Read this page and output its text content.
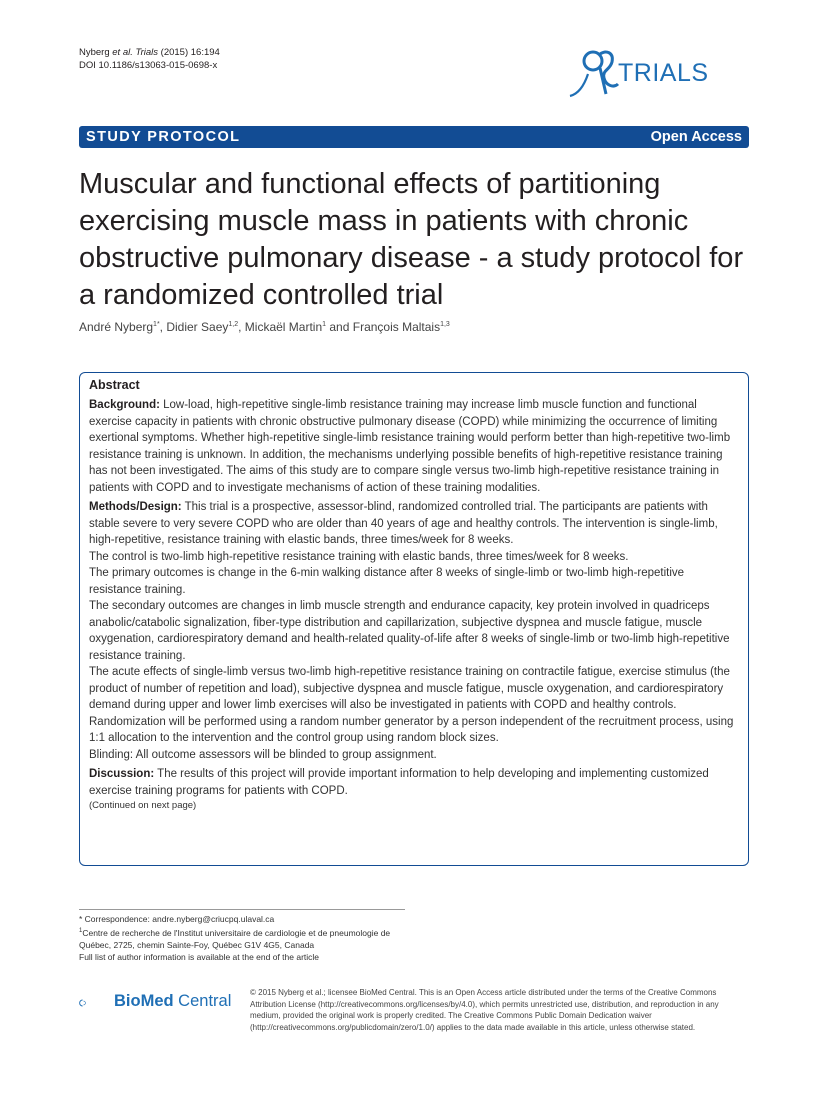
Nyberg et al. Trials (2015) 16:194
DOI 10.1186/s13063-015-0698-x	TRIALS
STUDY PROTOCOL	Open Access
Muscular and functional effects of partitioning exercising muscle mass in patients with chronic obstructive pulmonary disease - a study protocol for a randomized controlled trial
André Nyberg$^{1*}$, Didier Saey$^{1,2}$, Mickaël Martin$^1$ and François Maltais$^{1,3}$
Abstract

Background: Low-load, high-repetitive single-limb resistance training may increase limb muscle function and functional exercise capacity in patients with chronic obstructive pulmonary disease (COPD) while minimizing the occurrence of limiting exertional symptoms. Whether high-repetitive single-limb resistance training would perform better than high-repetitive two-limb resistance training is unknown. In addition, the mechanisms underlying possible benefits of high-repetitive resistance training has not been investigated. The aims of this study are to compare single versus two-limb high-repetitive resistance training in patients with COPD and to investigate mechanisms of action of these training modalities.

Methods/Design: This trial is a prospective, assessor-blind, randomized controlled trial. The participants are patients with stable severe to very severe COPD who are older than 40 years of age and healthy controls. The intervention is single-limb, high-repetitive, resistance training with elastic bands, three times/week for 8 weeks.

The control is two-limb high-repetitive resistance training with elastic bands, three times/week for 8 weeks.

The primary outcomes is change in the 6-min walking distance after 8 weeks of single-limb or two-limb high-repetitive resistance training.

The secondary outcomes are changes in limb muscle strength and endurance capacity, key protein involved in quadriceps anabolic/catabolic signalization, fiber-type distribution and capillarization, subjective dyspnea and muscle fatigue, muscle oxygenation, cardiorespiratory demand and health-related quality-of-life after 8 weeks of single-limb or two-limb high-repetitive resistance training.

The acute effects of single-limb versus two-limb high-repetitive resistance training on contractile fatigue, exercise stimulus (the product of number of repetition and load), subjective dyspnea and muscle fatigue, muscle oxygenation, and cardiorespiratory demand during upper and lower limb exercises will also be investigated in patients with COPD and healthy controls.

Randomization will be performed using a random number generator by a person independent of the recruitment process, using 1:1 allocation to the intervention and the control group using random block sizes.

Blinding: All outcome assessors will be blinded to group assignment.

Discussion: The results of this project will provide important information to help developing and implementing customized exercise training programs for patients with COPD.

(Continued on next page)
* Correspondence: andre.nyberg@criucpq.ulaval.ca
$^1$Centre de recherche de l'Institut universitaire de cardiologie et de pneumologie de Québec, 2725, chemin Sainte-Foy, Québec G1V 4G5, Canada
Full list of author information is available at the end of the article
BioMed Central © 2015 Nyberg et al.; licensee BioMed Central. This is an Open Access article distributed under the terms of the Creative Commons Attribution License (http://creativecommons.org/licenses/by/4.0), which permits unrestricted use, distribution, and reproduction in any medium, provided the original work is properly credited. The Creative Commons Public Domain Dedication waiver (http://creativecommons.org/publicdomain/zero/1.0/) applies to the data made available in this article, unless otherwise stated.
